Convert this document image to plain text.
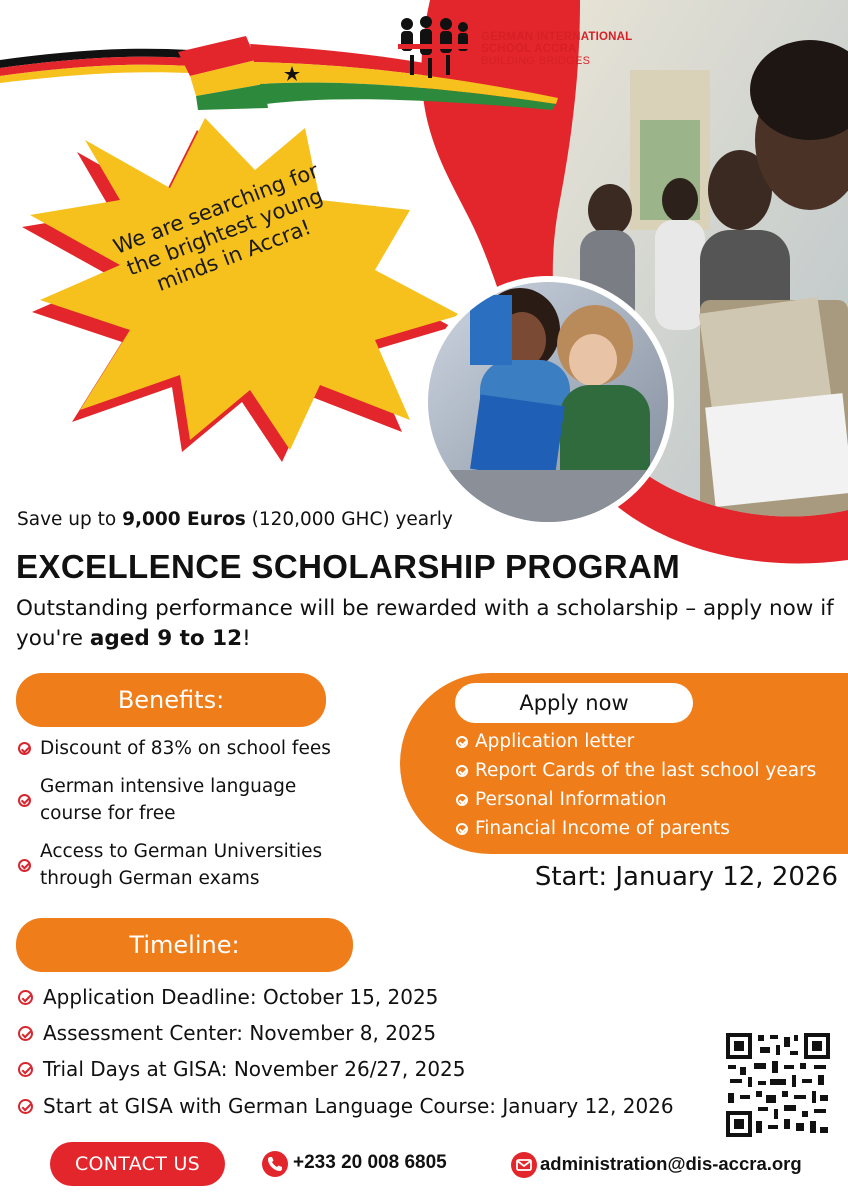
GERMAN INTERNATIONAL
SCHOOL ACCRA
BUILDING BRIDGES
We are searching for the brightest young minds in Accra!
Save up to 9,000 Euros (120,000 GHC) yearly
EXCELLENCE SCHOLARSHIP PROGRAM
Outstanding performance will be rewarded with a scholarship – apply now if you're aged 9 to 12!
Benefits:
Discount of 83% on school fees
German intensive language course for free
Access to German Universities through German exams
Apply now
Application letter
Report Cards of the last school years
Personal Information
Financial Income of parents
Start: January 12, 2026
Timeline:
Application Deadline: October 15, 2025
Assessment Center: November 8, 2025
Trial Days at GISA: November 26/27, 2025
Start at GISA with German Language Course: January 12, 2026
CONTACT US	+233 20 008 6805	administration@dis-accra.org
